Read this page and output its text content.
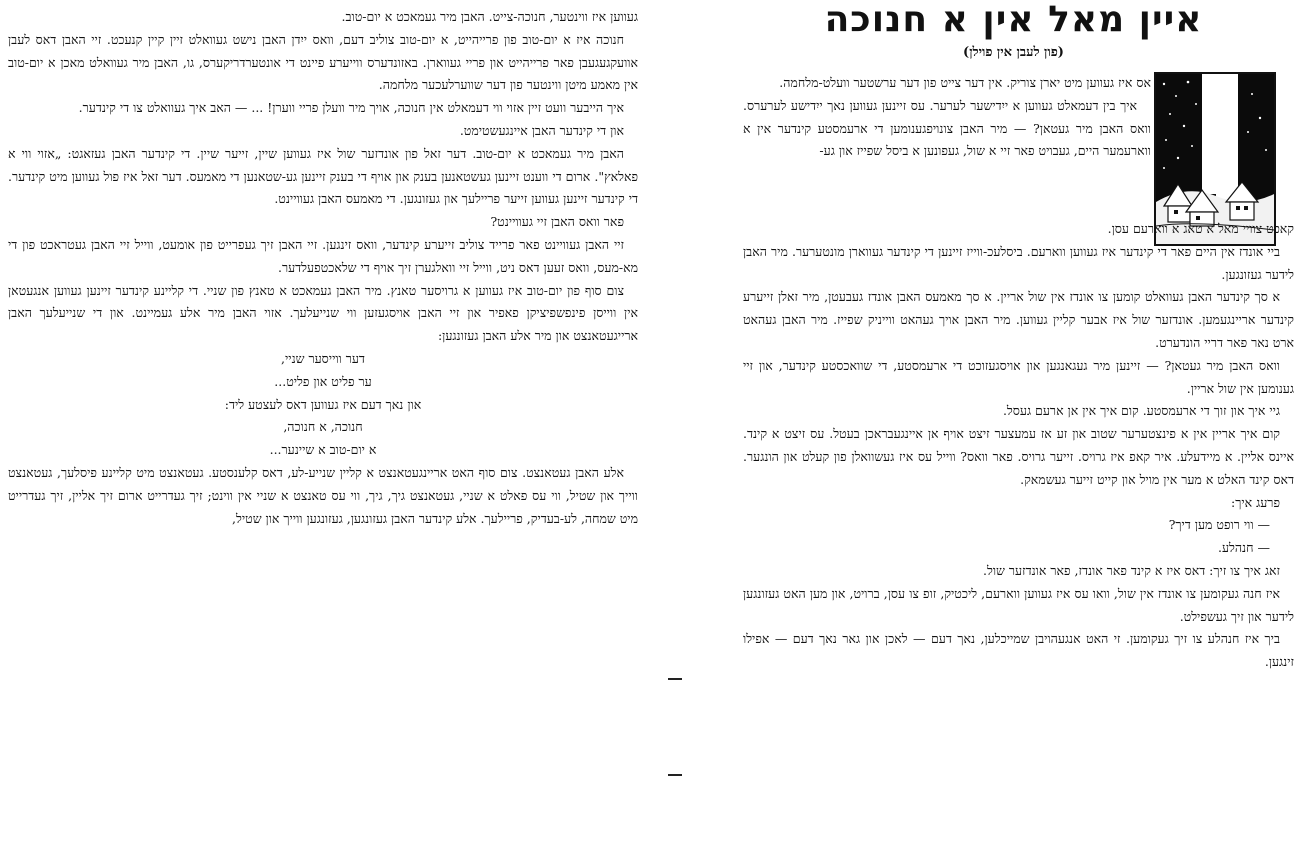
געווען איז ווינטער, חנוכה-צייט. האבן מיר געמאכט א יום-טוב.

חנוכה איז א יום-טוב פון פרייהייט, א יום-טוב צוליב דעם, וואס ייִדן האבן נישט געוואלט זיין קיין קנעכט. זיי האבן דאס לעבן אוועקגעגעבן פאר פרייהייט און פריי געווארן. באזונדערס ווייערע פיינט די אונטערדריקערס, גו, האבן מיר געוואלט מאכן א יום-טוב אין מאמע מיטן ווינטער פון דער שווערלעכער מלחמה.

איך הייבער וועט זיין אזוי ווי דעמאלט אין חנוכה, אויך מיר וועלן פריי ווערן! ... — האב איך געוואלט צו די קינדער.

און די קינדער האבן איינגעשטימט.

האבן מיר געמאכט א יום-טוב. דער זאל פון אונדזער שול איז געווען שיין, זייער שיין. די קינדער האבן געזאגט: „אזוי ווי א פאלאץ". ארום די ווענט זיינען געשטאנען בענק און אויף די בענק זיינען גע-שטאנען די מאמעס. דער זאל איז פול געווען מיט קינדער. די קינדער זיינען געווען זייער פריילעך און געזונגען. די מאמעס האבן געוויינט.

פאר וואס האבן זיי געוויינט?

זיי האבן געוויינט פאר פרייד צוליב זייערע קינדער, וואס זינגען. זיי האבן זיך געפרייט פון אומעט, ווייל זיי האבן געטראכט פון די מא-מעס, וואס זעען דאס ניט, ווייל זיי וואלגערן זיך אויף די שלאכטפעלדער.

צום סוף פון יום-טוב איז געווען א גרויסער טאנץ. מיר האבן געמאכט א טאנץ פון שניי. די קליינע קינדער זיינען געווען אנגעטאן אין ווייסן פינפשפיציקן פאפיר און זיי האבן אויסגעזען ווי שנייעלעך. אזוי האבן מיר אלע געמיינט. און די שנייעלעך האבן ארייגעטאנצט און מיר אלע האבן געזונגען:

דער ווייסער שניי,

ער פליט און פליט...

און נאך דעם איז געווען דאס לעצטע ליד:

חנוכה, א חנוכה,

א יום-טוב א שיינער...

אלע האבן געטאנצט. צום סוף האט אריינגעטאנצט א קליין שנייע-לע, דאס קלענסטע. געטאנצט מיט קליינע פיסלעך, געטאנצט ווייך און שטיל, ווי עס פאלט א שניי, געטאנצט גיך, גיך, ווי עס טאנצט א שניי אין ווינט; זיך געדרייט ארום זיך אליין, זיך געדרייט מיט שמחה, לע-בעדיק, פריילעך. אלע קינדער האבן געזונגען, געזונגען ווייך און שטיל,

איין מאל אין א חנוכה
(פון לעבן אין פוילן)

אס איז געווען מיט יארן צוריק. אין דער צייט פון דער ערשטער וועלט-מלחמה.

איך בין דעמאלט געווען א ייִדישער לערער. עס זיינען געווען נאך ייִדישע לערערס. וואס האבן מיר געטאן? — מיר האבן צונויפגענומען די ארעמסטע קינדער אין א ווארעמער היים, געבויט פאר זיי א שול, געפונען א ביסל שפייז און גע-

קאכט צוויי מאל א טאג א ווארעם עסן.

ביי אונדז אין היים פאר די קינדער איז געווען ווארעם. ביסלעכ-ווייז זיינען די קינדער געווארן מונטערער. מיר האבן לידער געזונגען.

א סך קינדער האבן געוואלט קומען צו אונדז אין שול אריין. א סך מאמעס האבן אונדז געבעטן, מיר זאלן זייערע קינדער אריינגעמען. אונדזער שול איז אבער קליין געווען. מיר האבן אויך געהאט ווייניק שפייז. מיר האבן געהאט ארט נאר פאר דריי הונדערט.

וואס האבן מיר געטאן? — זיינען מיר געגאנגען און אויסגעזוכט די ארעמסטע, די שוואכסטע קינדער, און זיי גענומען אין שול אריין.

גיי איך און זוך די ארעמסטע. קום איך אין אן ארעם געסל.

קום איך אריין אין א פינצטערער שטוב און זע אז עמעצער זיצט אויף אן איינגעבראכן בעטל. עס זיצט א קינד. איינס אליין. א מיידעלע. איר קאפ איז גרויס. זייער גרויס. פאר וואס? ווייל עס איז געשוואלן פון קעלט און הונגער. דאס קינד האלט א מער אין מויל און קייט זייער געשמאק.

פרעג איך:

— ווי רופט מען דיך?

— חנהלע.

זאג איך צו זיך: דאס איז א קינד פאר אונדז, פאר אונדזער שול.

איז חנה געקומען צו אונדז אין שול, וואו עס איז געווען ווארעם, ליכטיק, זופ צו עסן, ברויט, און מען האט געזונגען לידער און זיך געשפילט.

ביך איז חנהלע צו זיך געקומען. זי האט אנגעהויבן שמייכלען, נאך דעם — לאכן און גאר נאך דעם — אפילו זינגען.
